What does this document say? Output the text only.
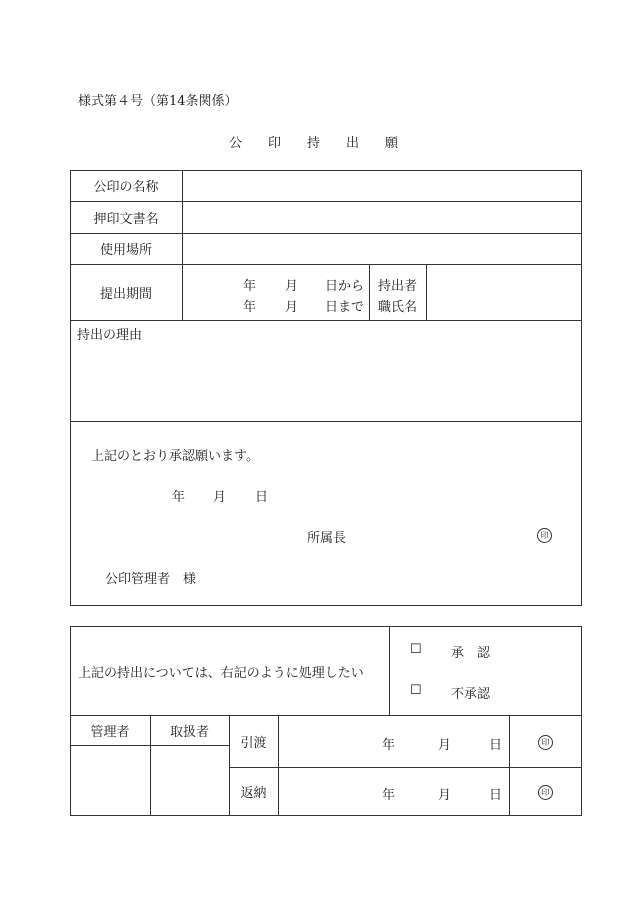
様式第４号（第14条関係）
公　　印　　持　　出　　願
公印の名称
押印文書名
使用場所
提出期間	年 月 日から
年 月 日まで
持出者
職氏名
持出の理由
上記のとおり承認願います。
年 月 日
所属長	印
公印管理者　様
上記の持出については、右記のように処理したい
☐ 承　認
☐ 不承認
管理者	取扱者
引渡	年	月	日	印
返納	年	月	日	印
